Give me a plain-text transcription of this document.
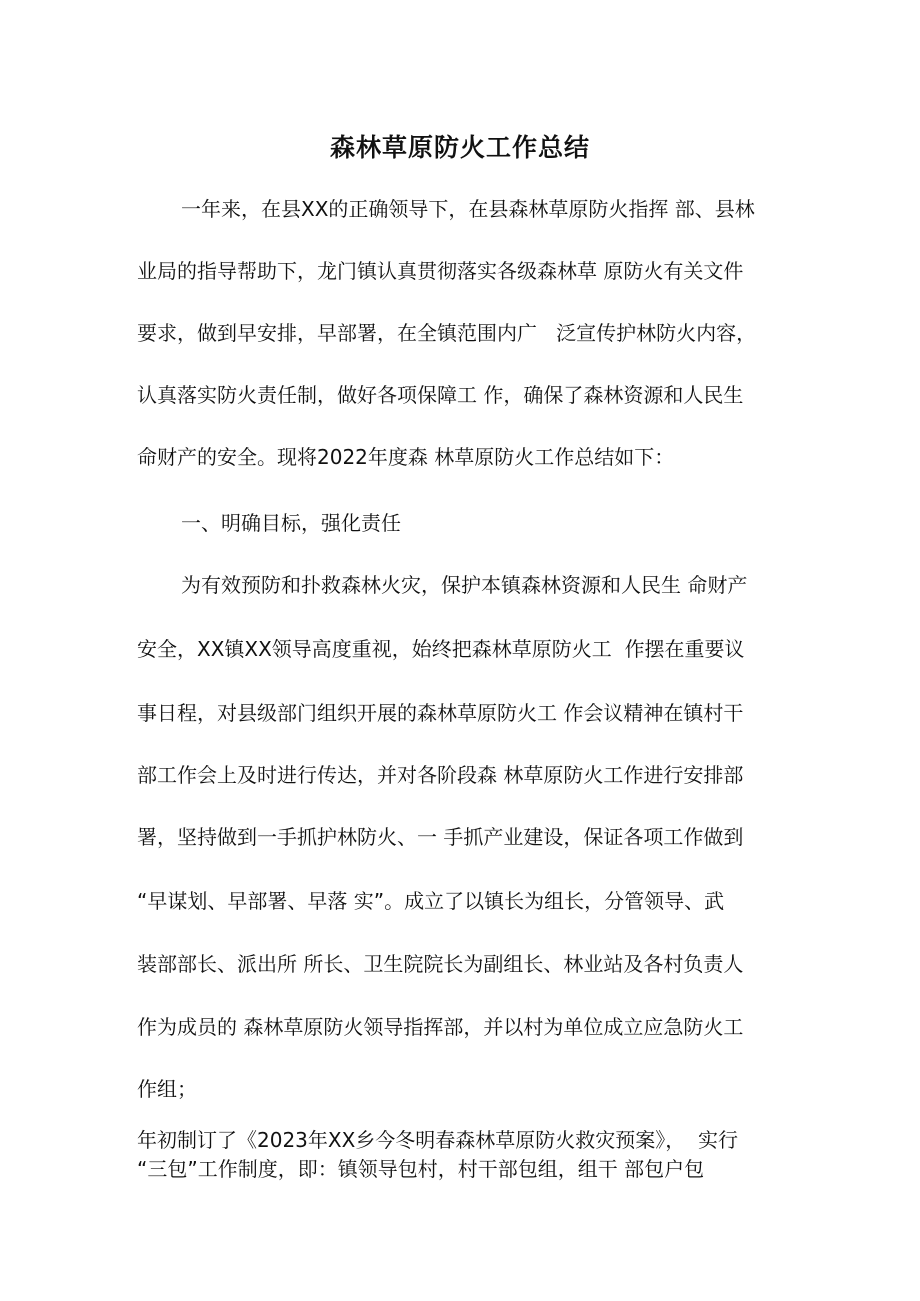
森林草原防火工作总结
一年来，在县XX的正确领导下，在县森林草原防火指挥 部、县林
业局的指导帮助下，龙门镇认真贯彻落实各级森林草 原防火有关文件
要求，做到早安排，早部署，在全镇范围内广   泛宣传护林防火内容，
认真落实防火责任制，做好各项保障工 作，确保了森林资源和人民生
命财产的安全。现将2022年度森 林草原防火工作总结如下：
一、明确目标，强化责任
为有效预防和扑救森林火灾，保护本镇森林资源和人民生 命财产
安全，XX镇XX领导高度重视，始终把森林草原防火工  作摆在重要议
事日程，对县级部门组织开展的森林草原防火工 作会议精神在镇村干
部工作会上及时进行传达，并对各阶段森 林草原防火工作进行安排部
署，坚持做到一手抓护林防火、一 手抓产业建设，保证各项工作做到
“早谋划、早部署、早落 实”。成立了以镇长为组长，分管领导、武
装部部长、派出所 所长、卫生院院长为副组长、林业站及各村负责人
作为成员的 森林草原防火领导指挥部，并以村为单位成立应急防火工
作组；
年初制订了《2023年XX乡今冬明春森林草原防火救灾预案》，  实行
“三包”工作制度，即：镇领导包村，村干部包组，组干 部包户包
